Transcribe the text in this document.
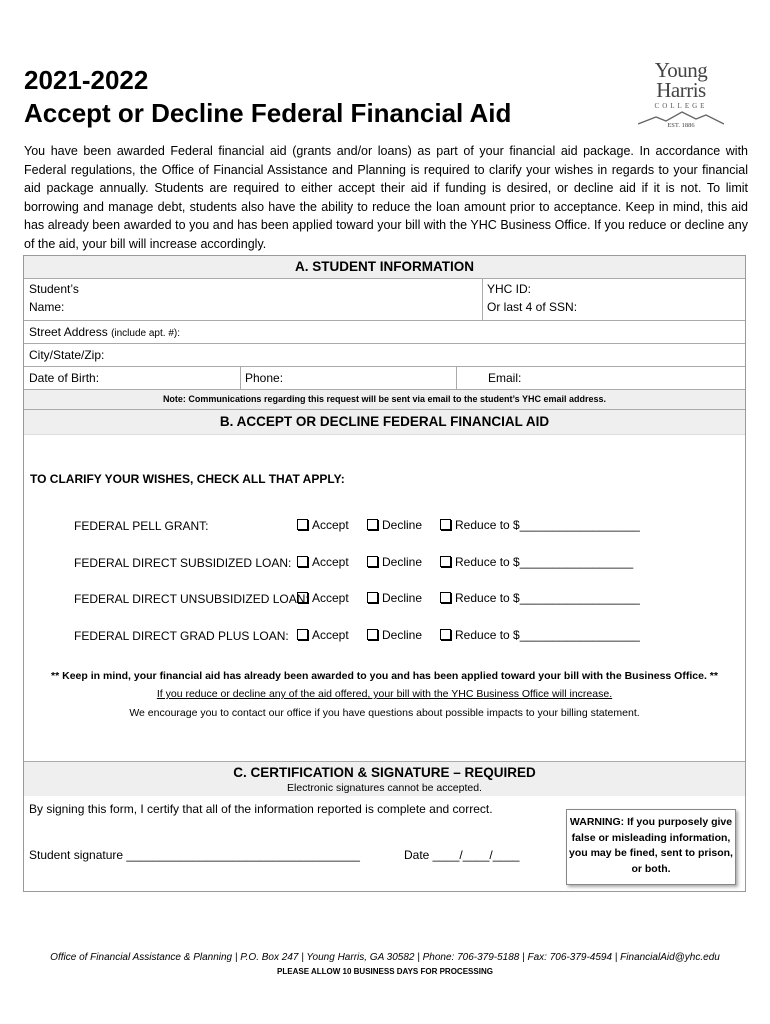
2021-2022
Accept or Decline Federal Financial Aid
Young
Harris
COLLEGE
EST. 1886
You have been awarded Federal financial aid (grants and/or loans) as part of your financial aid package. In accordance with Federal regulations, the Office of Financial Assistance and Planning is required to clarify your wishes in regards to your financial aid package annually. Students are required to either accept their aid if funding is desired, or decline aid if it is not. To limit borrowing and manage debt, students also have the ability to reduce the loan amount prior to acceptance. Keep in mind, this aid has already been awarded to you and has been applied toward your bill with the YHC Business Office. If you reduce or decline any of the aid, your bill will increase accordingly.
A. STUDENT INFORMATION
Student’s
Name:
YHC ID:
Or last 4 of SSN:
Street Address (include apt. #):
City/State/Zip:
Date of Birth:	Phone:	Email:
Note: Communications regarding this request will be sent via email to the student’s YHC email address.
B. ACCEPT OR DECLINE FEDERAL FINANCIAL AID
TO CLARIFY YOUR WISHES, CHECK ALL THAT APPLY:
FEDERAL PELL GRANT:	Accept	Decline	Reduce to $__________________
FEDERAL DIRECT SUBSIDIZED LOAN:	Accept	Decline	Reduce to $_________________
FEDERAL DIRECT UNSUBSIDIZED LOAN: Accept	Decline	Reduce to $__________________
FEDERAL DIRECT GRAD PLUS LOAN:	Accept	Decline	Reduce to $__________________
** Keep in mind, your financial aid has already been awarded to you and has been applied toward your bill with the Business Office. **
If you reduce or decline any of the aid offered, your bill with the YHC Business Office will increase.
We encourage you to contact our office if you have questions about possible impacts to your billing statement.
C. CERTIFICATION & SIGNATURE – REQUIRED
Electronic signatures cannot be accepted.
By signing this form, I certify that all of the information reported is complete and correct.
Student signature ___________________________________	Date ____/____/____
WARNING: If you purposely give false or misleading information, you may be fined, sent to prison, or both.
Office of Financial Assistance & Planning | P.O. Box 247 | Young Harris, GA 30582 | Phone: 706-379-5188 | Fax: 706-379-4594 | FinancialAid@yhc.edu
PLEASE ALLOW 10 BUSINESS DAYS FOR PROCESSING
